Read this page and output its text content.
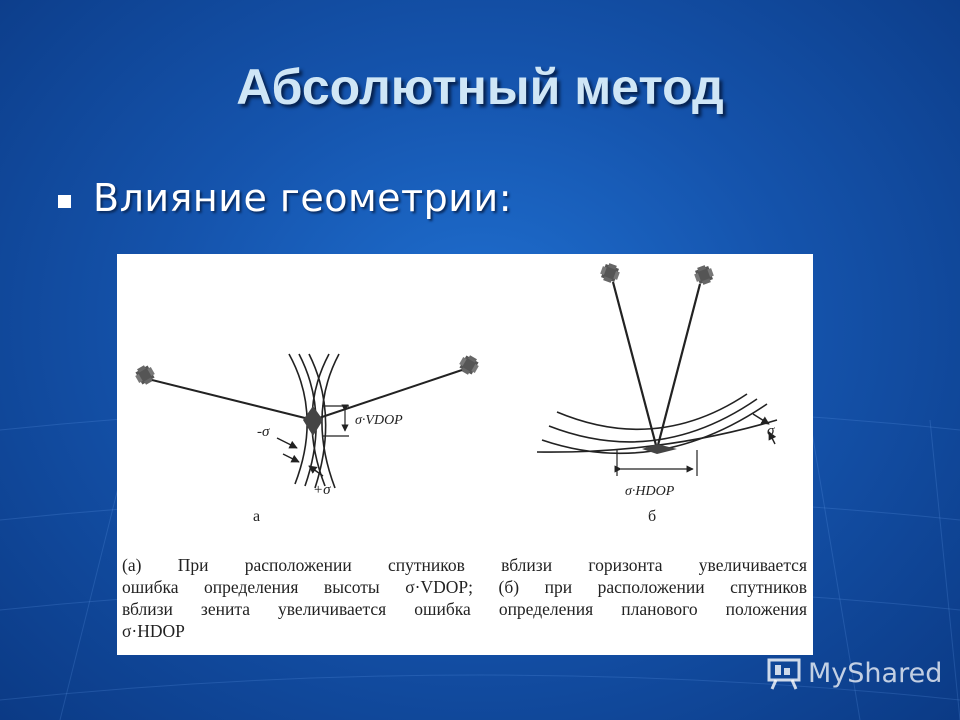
Абсолютный метод
Влияние геометрии:
σ·VDOP
-σ
+σ	σ·HDOP
σ
а	б
(а) При расположении спутников вблизи горизонта увеличивается
ошибка определения высоты σ·VDOP; (б) при расположении спутников
вблизи зенита увеличивается ошибка определения планового положения
σ·HDOP
MyShared
